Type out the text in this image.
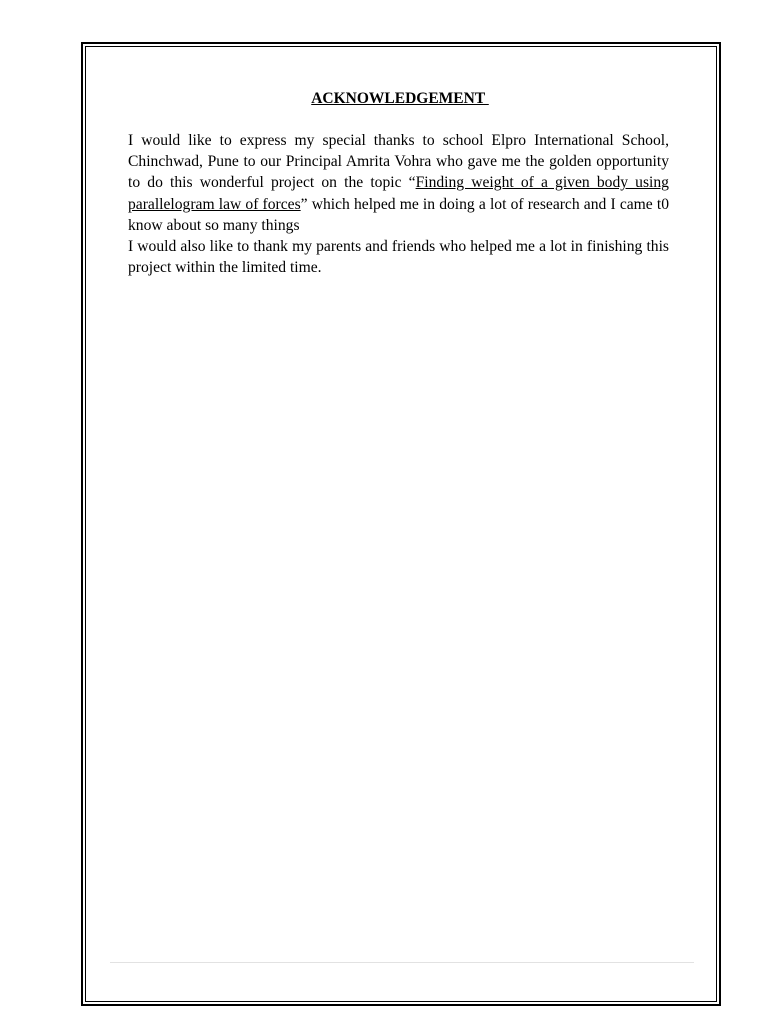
ACKNOWLEDGEMENT

I would like to express my special thanks to school Elpro International School, Chinchwad, Pune to our Principal Amrita Vohra who gave me the golden opportunity to do this wonderful project on the topic “Finding weight of a given body using parallelogram law of forces” which helped me in doing a lot of research and I came t0 know about so many things

I would also like to thank my parents and friends who helped me a lot in finishing this project within the limited time.
